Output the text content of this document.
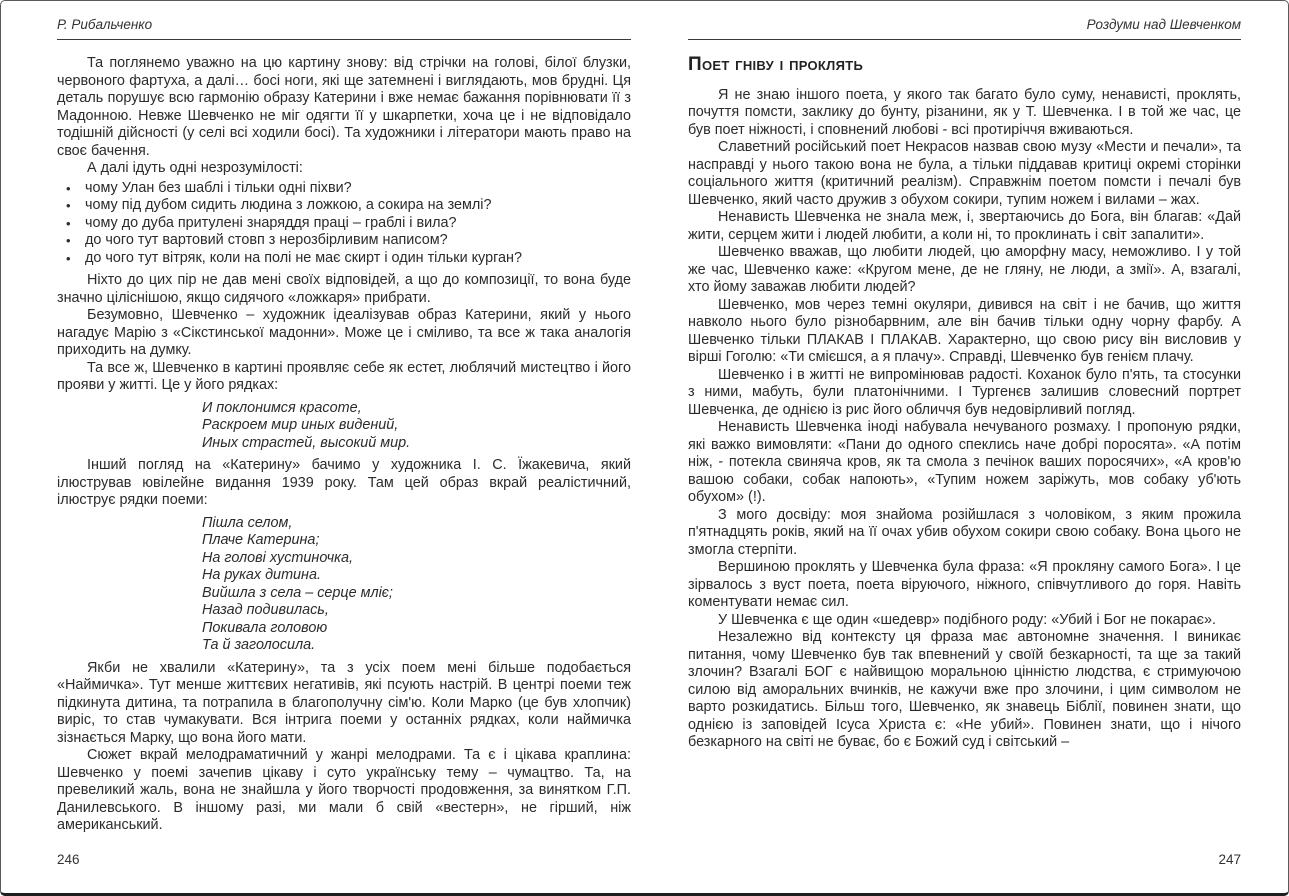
Р. Рибальченко

Та поглянемо уважно на цю картину знову: від стрічки на голові, білої блузки, червоного фартуха, а далі… босі ноги, які ще затемнені і виглядають, мов брудні. Ця деталь порушує всю гармонію образу Катерини і вже немає бажання порівнювати її з Мадонною. Невже Шевченко не міг одягти її у шкарпетки, хоча це і не відповідало тодішній дійсності (у селі всі ходили босі). Та художники і літератори мають право на своє бачення.

А далі ідуть одні незрозумілості:

•	чому Улан без шаблі і тільки одні піхви?
•	чому під дубом сидить людина з ложкою, а сокира на землі?
•	чому до дуба притулені знаряддя праці – граблі і вила?
•	до чого тут вартовий стовп з нерозбірливим написом?
•	до чого тут вітряк, коли на полі не має скирт і один тільки курган?

Ніхто до цих пір не дав мені своїх відповідей, а що до композиції, то вона буде значно ціліснішою, якщо сидячого «ложкаря» прибрати.

Безумовно, Шевченко – художник ідеалізував образ Катерини, який у нього нагадує Марію з «Сікстинської мадонни». Може це і сміливо, та все ж така аналогія приходить на думку.

Та все ж, Шевченко в картині проявляє себе як естет, люблячий мистецтво і його прояви у житті. Це у його рядках:

И поклонимся красоте,
Раскроем мир иных видений,
Иных страстей, высокий мир.

Інший погляд на «Катерину» бачимо у художника І. С. Їжакевича, який ілюстрував ювілейне видання 1939 року. Там цей образ вкрай реалістичний, ілюструє рядки поеми:

Пішла селом,
Плаче Катерина;
На голові хустиночка,
На руках дитина.
Вийшла з села – серце мліє;
Назад подивилась,
Покивала головою
Та й заголосила.

Якби не хвалили «Катерину», та з усіх поем мені більше подобається «Наймичка». Тут менше життєвих негативів, які псують настрій. В центрі поеми теж підкинута дитина, та потрапила в благополучну сім'ю. Коли Марко (це був хлопчик) виріс, то став чумакувати. Вся інтрига поеми у останніх рядках, коли наймичка зізнається Марку, що вона його мати.

Сюжет вкрай мелодраматичний у жанрі мелодрами. Та є і цікава краплина: Шевченко у поемі зачепив цікаву і суто українську тему – чумацтво. Та, на превеликий жаль, вона не знайшла у його творчості продовження, за винятком Г.П. Данилевського. В іншому разі, ми мали б свій «вестерн», не гірший, ніж американський.

246
Роздуми над Шевченком

Поет гніву і проклять

Я не знаю іншого поета, у якого так багато було суму, ненависті, проклять, почуття помсти, заклику до бунту, різанини, як у Т. Шевченка. І в той же час, це був поет ніжності, і сповнений любові - всі протиріччя вживаються.

Славетний російський поет Некрасов назвав свою музу «Мести и печали», та насправді у нього такою вона не була, а тільки піддавав критиці окремі сторінки соціального життя (критичний реалізм). Справжнім поетом помсти і печалі був Шевченко, який часто дружив з обухом сокири, тупим ножем і вилами – жах.

Ненависть Шевченка не знала меж, і, звертаючись до Бога, він благав: «Дай жити, серцем жити і людей любити, а коли ні, то проклинать і світ запалити».

Шевченко вважав, що любити людей, цю аморфну масу, неможливо. І у той же час, Шевченко каже: «Кругом мене, де не гляну, не люди, а змії». А, взагалі, хто йому заважав любити людей?

Шевченко, мов через темні окуляри, дивився на світ і не бачив, що життя навколо нього було різнобарвним, але він бачив тільки одну чорну фарбу. А Шевченко тільки ПЛАКАВ І ПЛАКАВ. Характерно, що свою рису він висловив у вірші Гоголю: «Ти смієшся, а я плачу». Справді, Шевченко був генієм плачу.

Шевченко і в житті не випромінював радості. Коханок було п'ять, та стосунки з ними, мабуть, були платонічними. І Тургенєв залишив словесний портрет Шевченка, де однією із рис його обличчя був недовірливий погляд.

Ненависть Шевченка іноді набувала нечуваного розмаху. І пропоную рядки, які важко вимовляти: «Пани до одного спеклись наче добрі поросята». «А потім ніж, - потекла свиняча кров, як та смола з печінок ваших поросячих», «А кров'ю вашою собаки, собак напоють», «Тупим ножем заріжуть, мов собаку уб'ють обухом» (!).

З мого досвіду: моя знайома розійшлася з чоловіком, з яким прожила п'ятнадцять років, який на її очах убив обухом сокири свою собаку. Вона цього не змогла стерпіти.

Вершиною проклять у Шевченка була фраза: «Я прокляну самого Бога». І це зірвалось з вуст поета, поета віруючого, ніжного, співчутливого до горя. Навіть коментувати немає сил.

У Шевченка є ще один «шедевр» подібного роду: «Убий і Бог не покарає».

Незалежно від контексту ця фраза має автономне значення. І виникає питання, чому Шевченко був так впевнений у своїй безкарності, та ще за такий злочин? Взагалі БОГ є найвищою моральною цінністю людства, є стримуючою силою від аморальних вчинків, не кажучи вже про злочини, і цим символом не варто розкидатись. Більш того, Шевченко, як знавець Біблії, повинен знати, що однією із заповідей Ісуса Христа є: «Не убий». Повинен знати, що і нічого безкарного на світі не буває, бо є Божий суд і світський –

247
